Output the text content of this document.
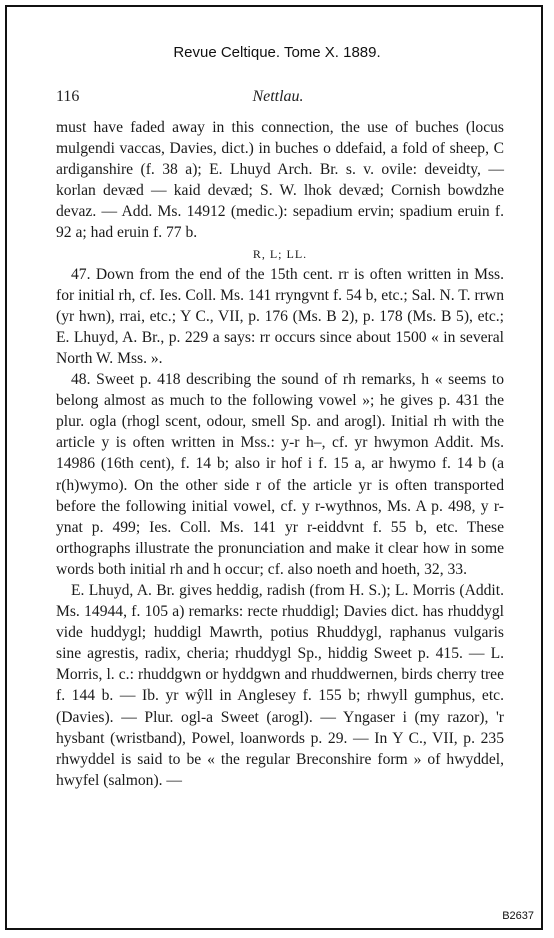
Revue Celtique. Tome X. 1889.
Nettlau.
116

must have faded away in this connection, the use of buches (locus mulgendi vaccas, Davies, dict.) in buches o ddefaid, a fold of sheep, C ardiganshire (f. 38 a); E. Lhuyd Arch. Br. s. v. ovile: deveidty, — korlan devæd — kaid devæd; S. W. lhok devæd; Cornish bowdzhe devaz. — Add. Ms. 14912 (medic.): sepadium ervin; spadium eruin f. 92 a; had eruin f. 77 b.

R, L; LL.

47. Down from the end of the 15th cent. rr is often written in Mss. for initial rh, cf. Ies. Coll. Ms. 141 rryngvnt f. 54 b, etc.; Sal. N. T. rrwn (yr hwn), rrai, etc.; Y C., VII, p. 176 (Ms. B 2), p. 178 (Ms. B 5), etc.; E. Lhuyd, A. Br., p. 229 a says: rr occurs since about 1500 « in several North W. Mss. ».

48. Sweet p. 418 describing the sound of rh remarks, h « seems to belong almost as much to the following vowel »; he gives p. 431 the plur. ogla (rhogl scent, odour, smell Sp. and arogl). Initial rh with the article y is often written in Mss.: y-r h–, cf. yr hwymon Addit. Ms. 14986 (16th cent), f. 14 b; also ir hof i f. 15 a, ar hwymo f. 14 b (a r(h)wymo). On the other side r of the article yr is often transported before the following initial vowel, cf. y r-wythnos, Ms. A p. 498, y r-ynat p. 499; Ies. Coll. Ms. 141 yr r-eiddvnt f. 55 b, etc. These orthographs illustrate the pronunciation and make it clear how in some words both initial rh and h occur; cf. also noeth and hoeth, 32, 33.

E. Lhuyd, A. Br. gives heddig, radish (from H. S.); L. Morris (Addit. Ms. 14944, f. 105 a) remarks: recte rhuddigl; Davies dict. has rhuddygl vide huddygl; huddigl Mawrth, potius Rhuddygl, raphanus vulgaris sine agrestis, radix, cheria; rhuddygl Sp., hiddig Sweet p. 415. — L. Morris, l. c.: rhuddgwn or hyddgwn and rhuddwernen, birds cherry tree f. 144 b. — Ib. yr wŷll in Anglesey f. 155 b; rhwyll gumphus, etc. (Davies). — Plur. ogl-a Sweet (arogl). — Yngaser i (my razor), 'r hysbant (wristband), Powel, loanwords p. 29. — In Y C., VII, p. 235 rhwyddel is said to be « the regular Breconshire form » of hwyddel, hwyfel (salmon). —

B2637
